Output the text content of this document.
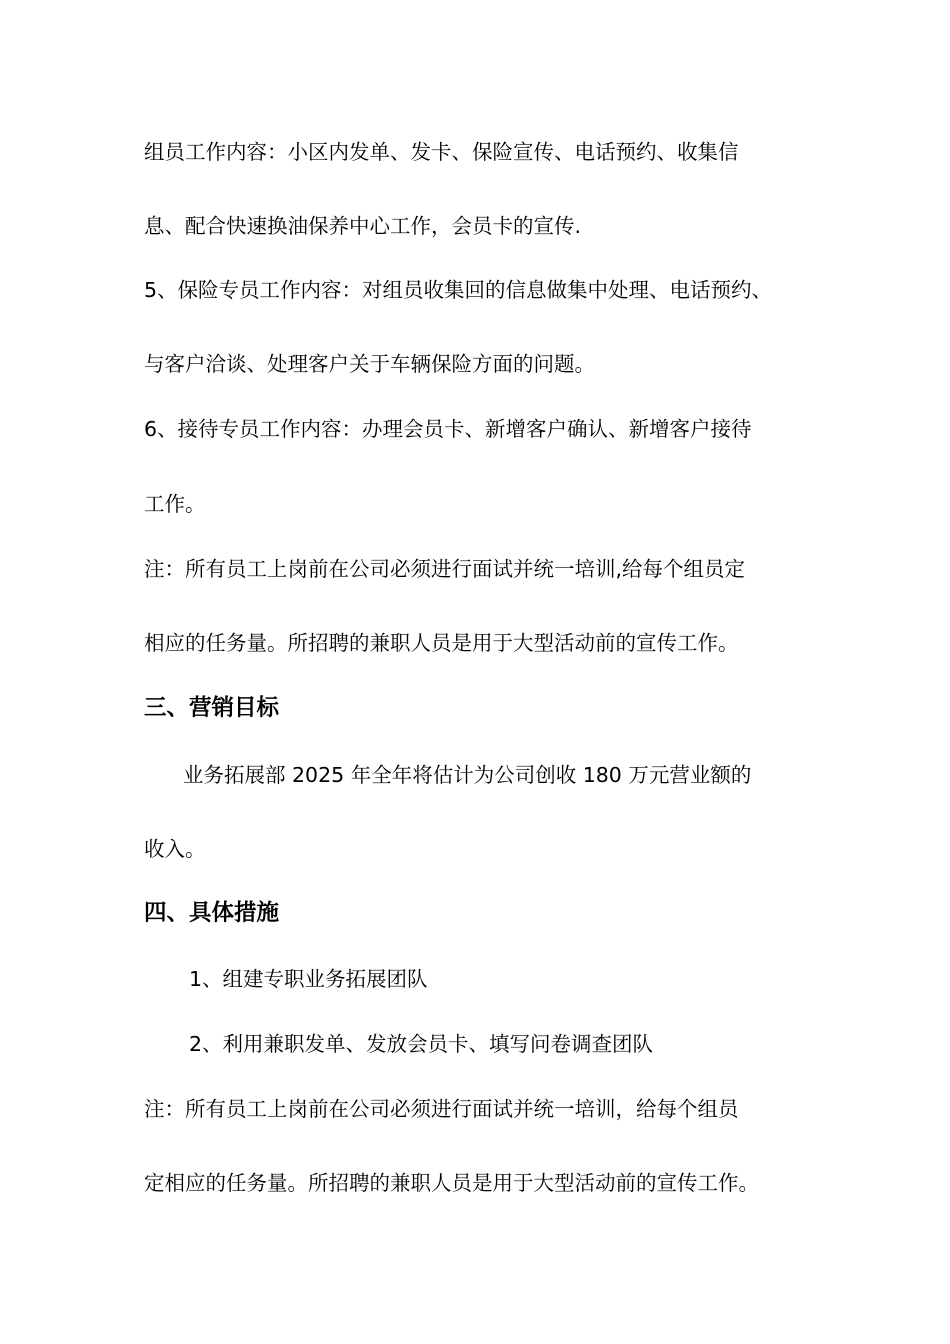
组员工作内容：小区内发单、发卡、保险宣传、电话预约、收集信
息、配合快速换油保养中心工作，会员卡的宣传.
5、保险专员工作内容：对组员收集回的信息做集中处理、电话预约、
与客户洽谈、处理客户关于车辆保险方面的问题。
6、接待专员工作内容：办理会员卡、新增客户确认、新增客户接待
工作。
注：所有员工上岗前在公司必须进行面试并统一培训,给每个组员定
相应的任务量。所招聘的兼职人员是用于大型活动前的宣传工作。
三、营销目标
业务拓展部 2025 年全年将估计为公司创收 180 万元营业额的
收入。
四、具体措施
1、组建专职业务拓展团队
2、利用兼职发单、发放会员卡、填写问卷调查团队
注：所有员工上岗前在公司必须进行面试并统一培训，给每个组员
定相应的任务量。所招聘的兼职人员是用于大型活动前的宣传工作。
